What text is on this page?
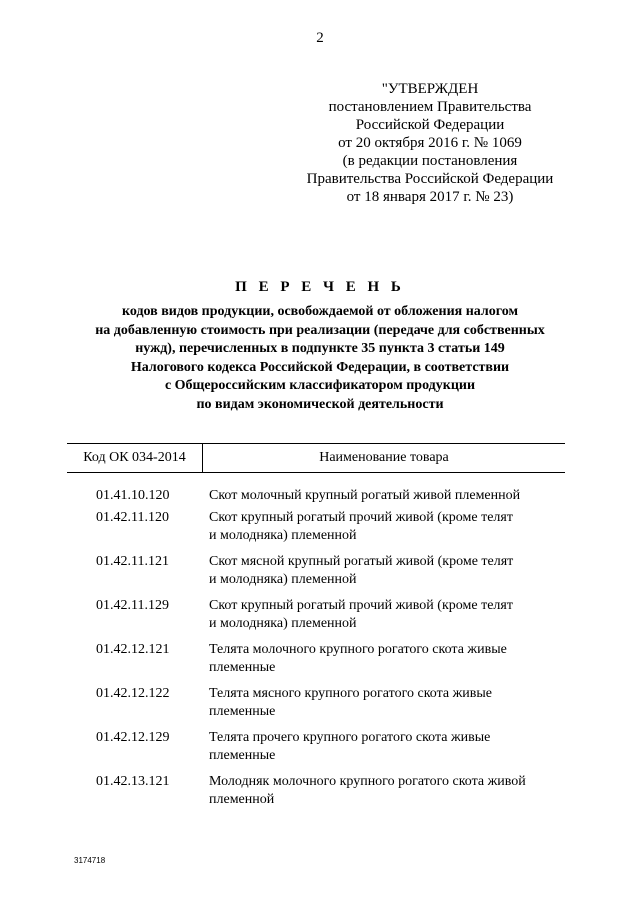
2
"УТВЕРЖДЕН
постановлением Правительства
Российской Федерации
от 20 октября 2016 г. № 1069
(в редакции постановления
Правительства Российской Федерации
от 18 января 2017 г. № 23)
П Е Р Е Ч Е Н Ь
кодов видов продукции, освобождаемой от обложения налогом
на добавленную стоимость при реализации (передаче для собственных
нужд), перечисленных в подпункте 35 пункта 3 статьи 149
Налогового кодекса Российской Федерации, в соответствии
с Общероссийским классификатором продукции
по видам экономической деятельности
Код ОК 034-2014	Наименование товара
01.41.10.120	Скот молочный крупный рогатый живой племенной
01.42.11.120	Скот крупный рогатый прочий живой (кроме телят
и молодняка) племенной
01.42.11.121	Скот мясной крупный рогатый живой (кроме телят
и молодняка) племенной
01.42.11.129	Скот крупный рогатый прочий живой (кроме телят
и молодняка) племенной
01.42.12.121	Телята молочного крупного рогатого скота живые
племенные
01.42.12.122	Телята мясного крупного рогатого скота живые
племенные
01.42.12.129	Телята прочего крупного рогатого скота живые
племенные
01.42.13.121	Молодняк молочного крупного рогатого скота живой
племенной
3174718
